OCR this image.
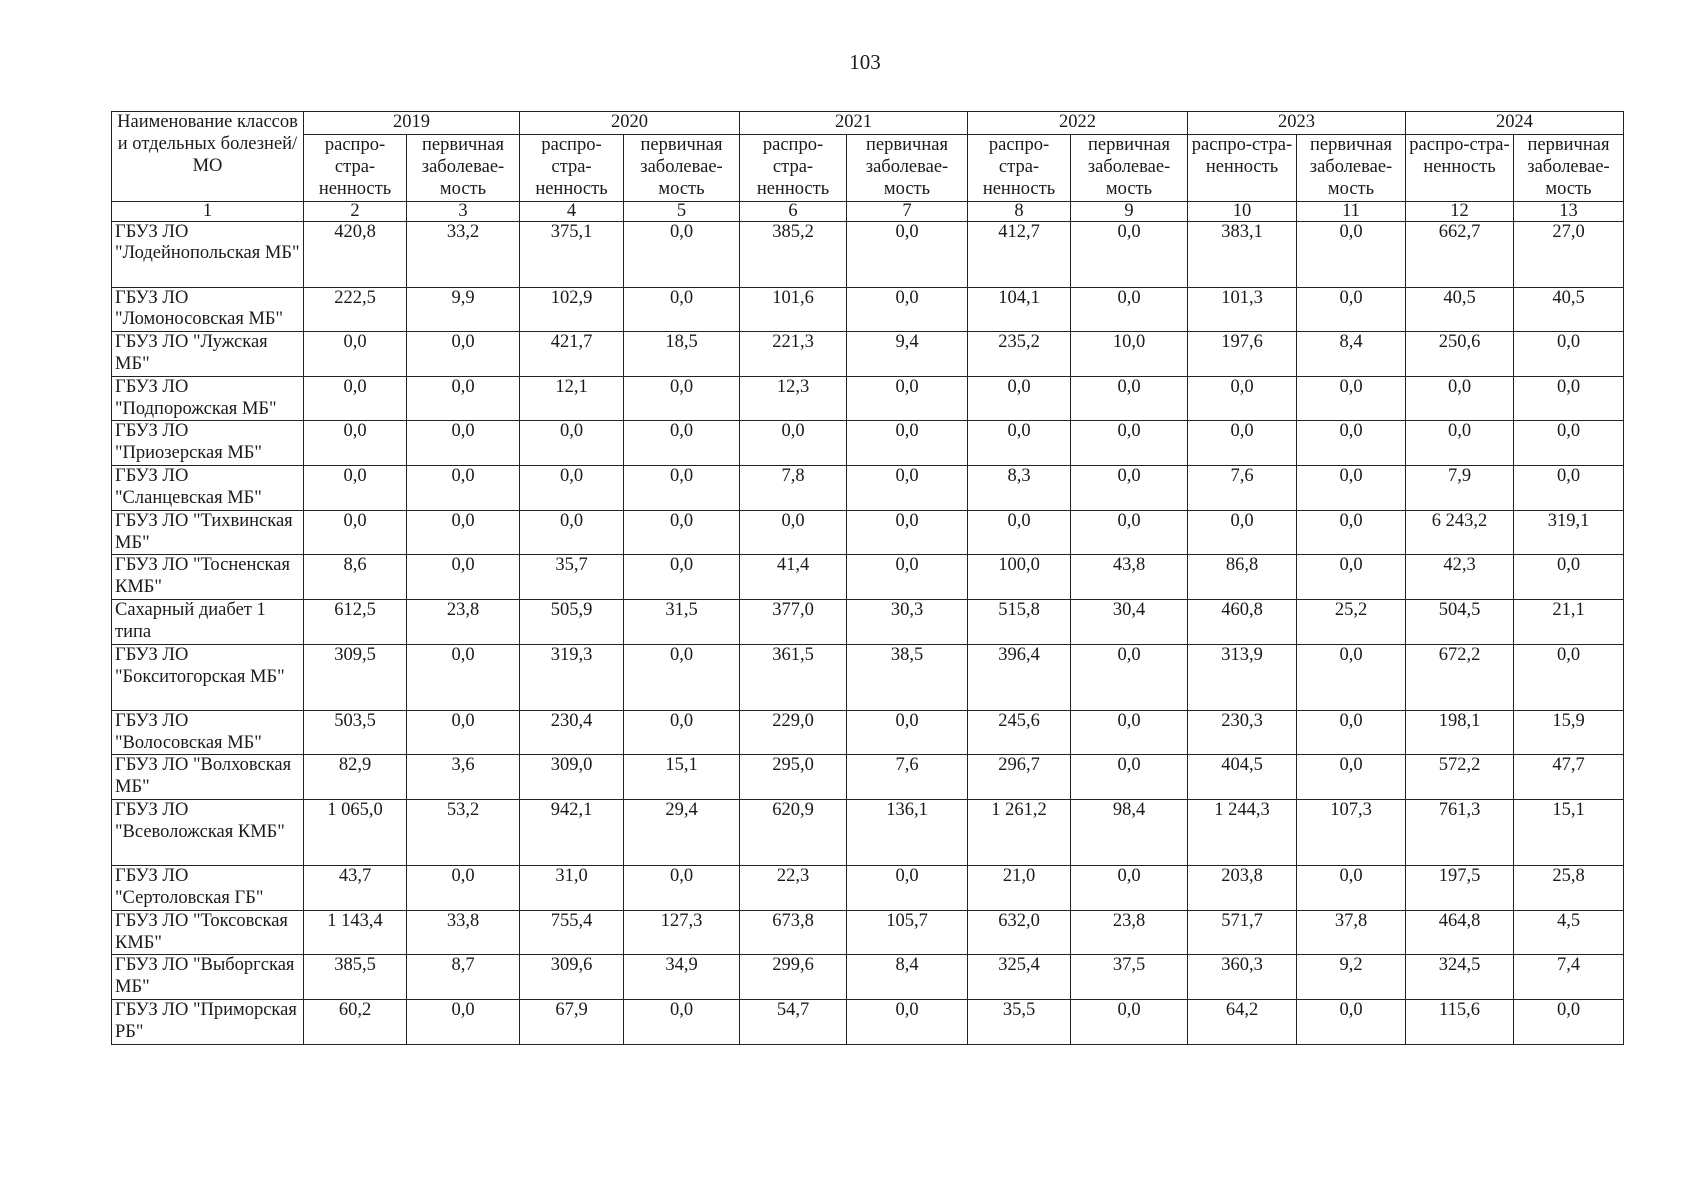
103
Наименование классов и отдельных болезней/МО	2019		2020		2021		2022		2023		2024	
	распро-стра-ненность	первичная заболевае-мость	распро-стра-ненность	первичная заболевае-мость	распро-стра-ненность	первичная заболевае-мость	распро-стра-ненность	первичная заболевае-мость	распро-стра-ненность	первичная заболевае-мость	распро-стра-ненность	первичная заболевае-мость
1	2	3	4	5	6	7	8	9	10	11	12	13
ГБУЗ ЛО "Лодейнопольская МБ"	420,8	33,2	375,1	0,0	385,2	0,0	412,7	0,0	383,1	0,0	662,7	27,0
ГБУЗ ЛО "Ломоносовская МБ"	222,5	9,9	102,9	0,0	101,6	0,0	104,1	0,0	101,3	0,0	40,5	40,5
ГБУЗ ЛО "Лужская МБ"	0,0	0,0	421,7	18,5	221,3	9,4	235,2	10,0	197,6	8,4	250,6	0,0
ГБУЗ ЛО "Подпорожская МБ"	0,0	0,0	12,1	0,0	12,3	0,0	0,0	0,0	0,0	0,0	0,0	0,0
ГБУЗ ЛО "Приозерская МБ"	0,0	0,0	0,0	0,0	0,0	0,0	0,0	0,0	0,0	0,0	0,0	0,0
ГБУЗ ЛО "Сланцевская МБ"	0,0	0,0	0,0	0,0	7,8	0,0	8,3	0,0	7,6	0,0	7,9	0,0
ГБУЗ ЛО "Тихвинская МБ"	0,0	0,0	0,0	0,0	0,0	0,0	0,0	0,0	0,0	0,0	6 243,2	319,1
ГБУЗ ЛО "Тосненская КМБ"	8,6	0,0	35,7	0,0	41,4	0,0	100,0	43,8	86,8	0,0	42,3	0,0
Сахарный диабет 1 типа	612,5	23,8	505,9	31,5	377,0	30,3	515,8	30,4	460,8	25,2	504,5	21,1
ГБУЗ ЛО "Бокситогорская МБ"	309,5	0,0	319,3	0,0	361,5	38,5	396,4	0,0	313,9	0,0	672,2	0,0
ГБУЗ ЛО "Волосовская МБ"	503,5	0,0	230,4	0,0	229,0	0,0	245,6	0,0	230,3	0,0	198,1	15,9
ГБУЗ ЛО "Волховская МБ"	82,9	3,6	309,0	15,1	295,0	7,6	296,7	0,0	404,5	0,0	572,2	47,7
ГБУЗ ЛО "Всеволожская КМБ"	1 065,0	53,2	942,1	29,4	620,9	136,1	1 261,2	98,4	1 244,3	107,3	761,3	15,1
ГБУЗ ЛО "Сертоловская ГБ"	43,7	0,0	31,0	0,0	22,3	0,0	21,0	0,0	203,8	0,0	197,5	25,8
ГБУЗ ЛО "Токсовская КМБ"	1 143,4	33,8	755,4	127,3	673,8	105,7	632,0	23,8	571,7	37,8	464,8	4,5
ГБУЗ ЛО "Выборгская МБ"	385,5	8,7	309,6	34,9	299,6	8,4	325,4	37,5	360,3	9,2	324,5	7,4
ГБУЗ ЛО "Приморская РБ"	60,2	0,0	67,9	0,0	54,7	0,0	35,5	0,0	64,2	0,0	115,6	0,0
